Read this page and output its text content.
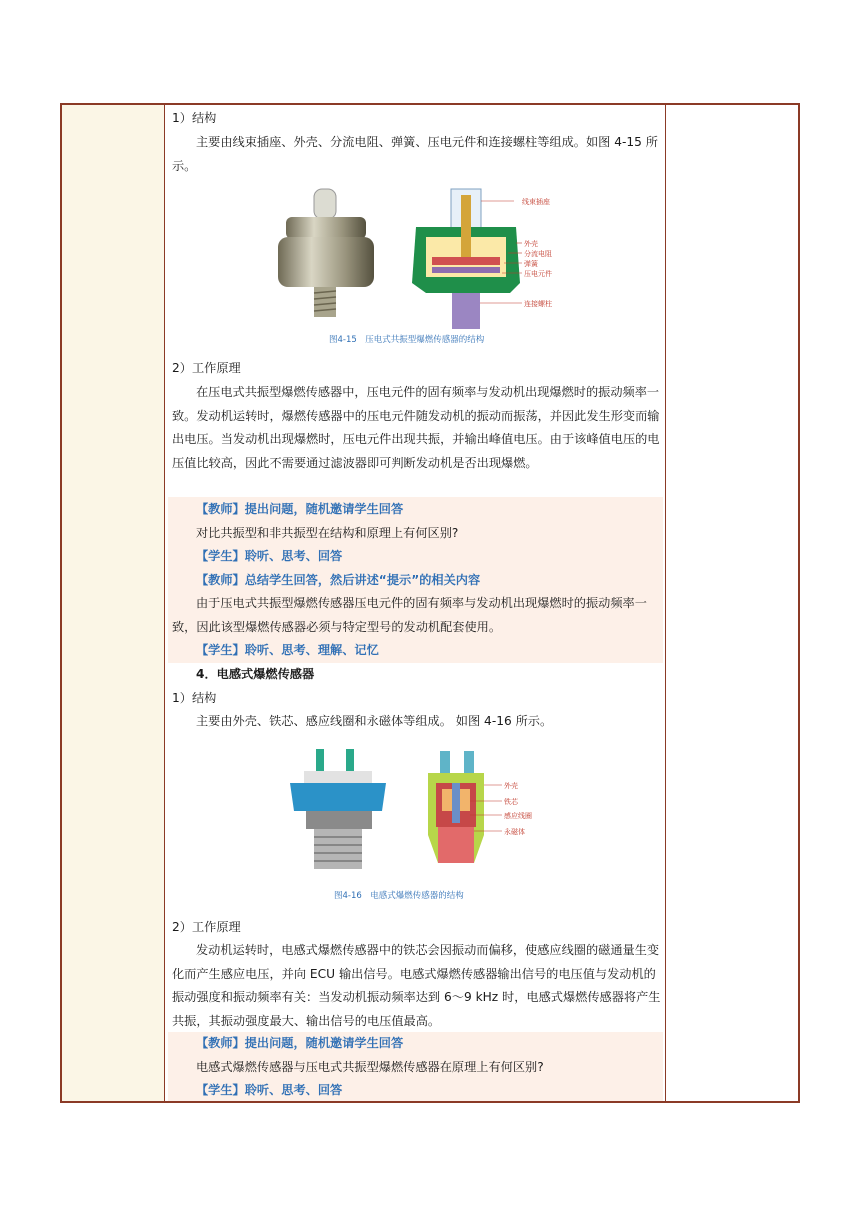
1）结构

主要由线束插座、外壳、分流电阻、弹簧、压电元件和连接螺柱等组成。如图 4-15 所示。

线束插座
外壳
分流电阻
弹簧
压电元件
连接螺柱
图4-15　压电式共振型爆燃传感器的结构

2）工作原理

在压电式共振型爆燃传感器中，压电元件的固有频率与发动机出现爆燃时的振动频率一致。发动机运转时，爆燃传感器中的压电元件随发动机的振动而振荡，并因此发生形变而输出电压。当发动机出现爆燃时，压电元件出现共振，并输出峰值电压。由于该峰值电压的电压值比较高，因此不需要通过滤波器即可判断发动机是否出现爆燃。

【教师】提出问题，随机邀请学生回答

对比共振型和非共振型在结构和原理上有何区别?

【学生】聆听、思考、回答

【教师】总结学生回答，然后讲述“提示”的相关内容

由于压电式共振型爆燃传感器压电元件的固有频率与发动机出现爆燃时的振动频率一致，因此该型爆燃传感器必须与特定型号的发动机配套使用。

【学生】聆听、思考、理解、记忆

4．电感式爆燃传感器

1）结构

主要由外壳、铁芯、感应线圈和永磁体等组成。 如图 4-16 所示。

外壳
铁芯
感应线圈
永磁体
图4-16　电感式爆燃传感器的结构

2）工作原理

发动机运转时，电感式爆燃传感器中的铁芯会因振动而偏移，使感应线圈的磁通量生变化而产生感应电压，并向 ECU 输出信号。电感式爆燃传感器输出信号的电压值与发动机的振动强度和振动频率有关：当发动机振动频率达到 6～9 kHz 时，电感式爆燃传感器将产生共振，其振动强度最大、输出信号的电压值最高。

【教师】提出问题，随机邀请学生回答

电感式爆燃传感器与压电式共振型爆燃传感器在原理上有何区别?

【学生】聆听、思考、回答
